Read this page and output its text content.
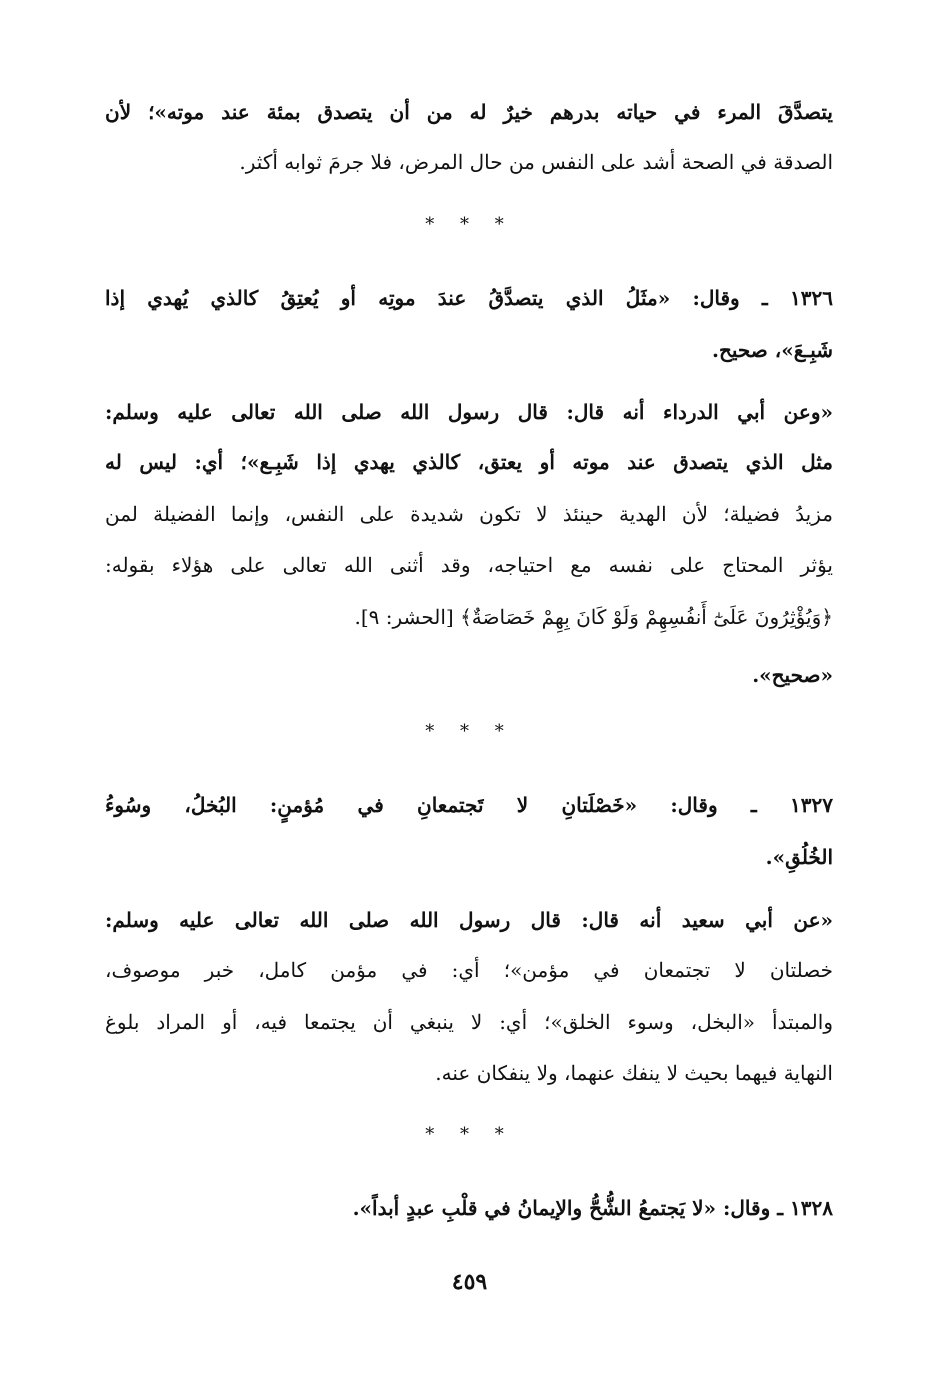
يتصدَّقَ المرء في حياته بدرهم خيرٌ له من أن يتصدق بمئة عند موته»؛ لأن
الصدقة في الصحة أشد على النفس من حال المرض، فلا جرمَ ثوابه أكثر.
* * *
١٣٢٦ ـ وقال: «مثَلُ الذي يتصدَّقُ عندَ موتِه أو يُعتِقُ كالذي يُهدي إذا
شَبِـعَ»، صحيح.
«وعن أبي الدرداء أنه قال: قال رسول الله صلى الله تعالى عليه وسلم:
مثل الذي يتصدق عند موته أو يعتق، كالذي يهدي إذا شَبِـع»؛ أي: ليس له
مزيدُ فضيلة؛ لأن الهدية حينئذ لا تكون شديدة على النفس، وإنما الفضيلة لمن
يؤثر المحتاج على نفسه مع احتياجه، وقد أثنى الله تعالى على هؤلاء بقوله:
﴿وَيُؤْثِرُونَ عَلَىٰٓ أَنفُسِهِمْ وَلَوْ كَانَ بِهِمْ خَصَاصَةٌ﴾ [الحشر: ٩].
«صحيح».
* * *
١٣٢٧ ـ وقال: «خَصْلَتانِ لا تَجتمعانِ في مُؤمنٍ: البُخلُ، وسُوءُ
الخُلُقِ».
«عن أبي سعيد أنه قال: قال رسول الله صلى الله تعالى عليه وسلم:
خصلتان لا تجتمعان في مؤمن»؛ أي: في مؤمن كامل، خبر موصوف،
والمبتدأ «البخل، وسوء الخلق»؛ أي: لا ينبغي أن يجتمعا فيه، أو المراد بلوغ
النهاية فيهما بحيث لا ينفك عنهما، ولا ينفكان عنه.
* * *
١٣٢٨ ـ وقال: «لا يَجتمعُ الشُّحُّ والإيمانُ في قلْبِ عبدٍ أبداً».
٤٥٩
